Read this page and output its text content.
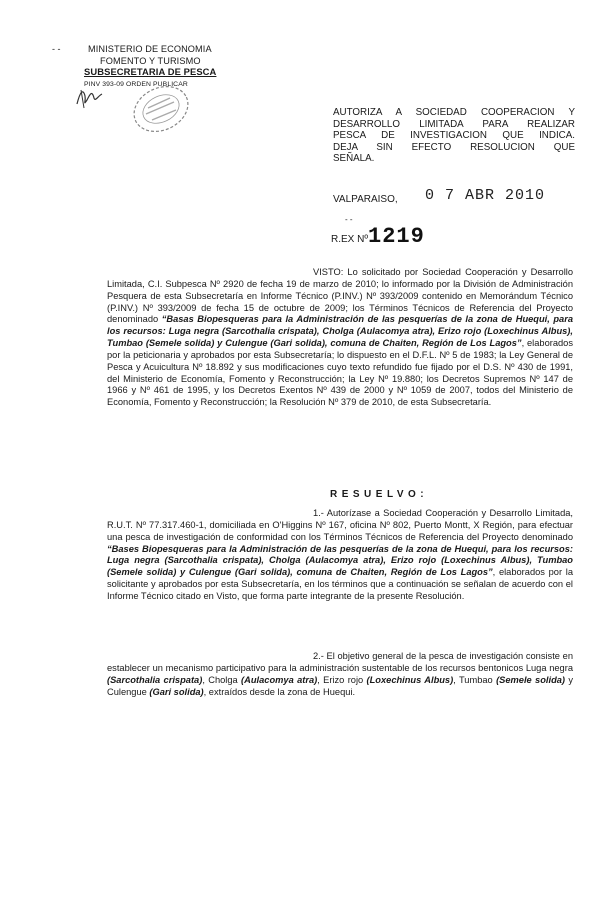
- -	MINISTERIO DE ECONOMIA
FOMENTO Y TURISMO
SUBSECRETARIA DE PESCA
PINV 393-09 ORDEN PUBLICAR
AUTORIZA A SOCIEDAD COOPERACION Y
DESARROLLO LIMITADA PARA REALIZAR
PESCA DE INVESTIGACION QUE INDICA.
DEJA SIN EFECTO RESOLUCION QUE
SEÑALA.
VALPARAISO, 0 7 ABR 2010
- -
R.EX Nº 1219
VISTO: Lo solicitado por Sociedad Cooperación y Desarrollo Limitada, C.I. Subpesca Nº 2920 de fecha 19 de marzo de 2010; lo informado por la División de Administración Pesquera de esta Subsecretaría en Informe Técnico (P.INV.) Nº 393/2009 contenido en Memorándum Técnico (P.INV.) Nº 393/2009 de fecha 15 de octubre de 2009; los Términos Técnicos de Referencia del Proyecto denominado “Basas Biopesqueras para la Administración de las pesquerías de la zona de Huequi, para los recursos: Luga negra (Sarcothalia crispata), Cholga (Aulacomya atra), Erizo rojo (Loxechinus Albus), Tumbao (Semele solida) y Culengue (Gari solida), comuna de Chaiten, Región de Los Lagos”, elaborados por la peticionaria y aprobados por esta Subsecretaría; lo dispuesto en el D.F.L. Nº 5 de 1983; la Ley General de Pesca y Acuicultura Nº 18.892 y sus modificaciones cuyo texto refundido fue fijado por el D.S. Nº 430 de 1991, del Ministerio de Economía, Fomento y Reconstrucción; la Ley Nº 19.880; los Decretos Supremos Nº 147 de 1966 y Nº 461 de 1995, y los Decretos Exentos Nº 439 de 2000 y Nº 1059 de 2007, todos del Ministerio de Economía, Fomento y Reconstrucción; la Resolución Nº 379 de 2010, de esta Subsecretaría.
RESUELVO:
1.- Autorízase a Sociedad Cooperación y Desarrollo Limitada, R.U.T. Nº 77.317.460-1, domiciliada en O'Higgins Nº 167, oficina Nº 802, Puerto Montt, X Región, para efectuar una pesca de investigación de conformidad con los Términos Técnicos de Referencia del Proyecto denominado “Bases Biopesqueras para la Administración de las pesquerías de la zona de Huequi, para los recursos: Luga negra (Sarcothalia crispata), Cholga (Aulacomya atra), Erizo rojo (Loxechinus Albus), Tumbao (Semele solida) y Culengue (Gari solida), comuna de Chaiten, Región de Los Lagos”, elaborados por la solicitante y aprobados por esta Subsecretaría, en los términos que a continuación se señalan de acuerdo con el Informe Técnico citado en Visto, que forma parte integrante de la presente Resolución.
2.- El objetivo general de la pesca de investigación consiste en establecer un mecanismo participativo para la administración sustentable de los recursos bentonicos Luga negra (Sarcothalia crispata), Cholga (Aulacomya atra), Erizo rojo (Loxechinus Albus), Tumbao (Semele solida) y Culengue (Gari solida), extraídos desde la zona de Huequi.
